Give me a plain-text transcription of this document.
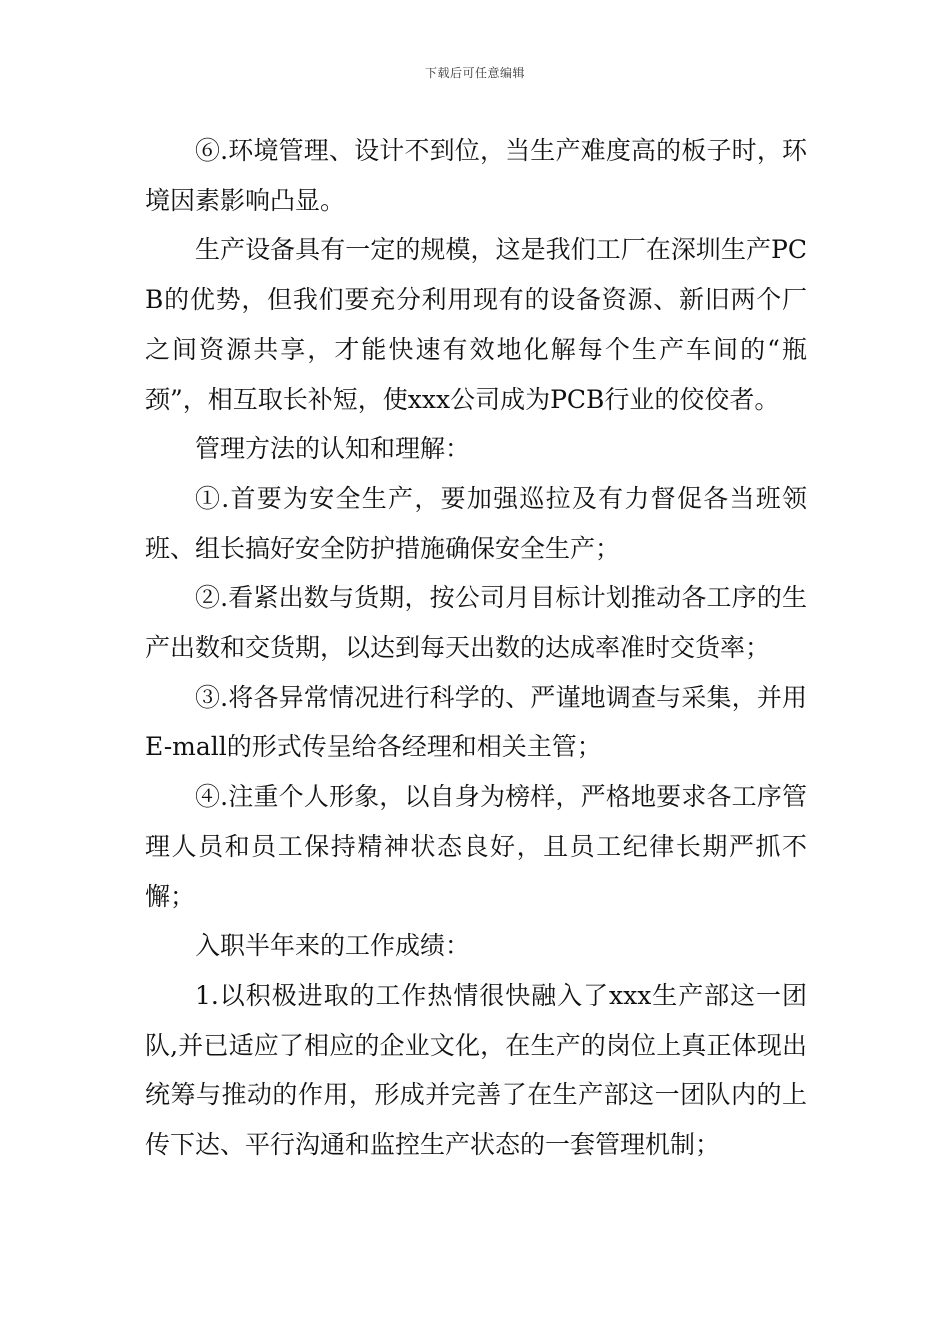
下载后可任意编辑

⑥.环境管理、设计不到位，当生产难度高的板子时，环境因素影响凸显。

生产设备具有一定的规模，这是我们工厂在深圳生产PCB的优势，但我们要充分利用现有的设备资源、新旧两个厂之间资源共享，才能快速有效地化解每个生产车间的“瓶颈”，相互取长补短，使xxx公司成为PCB行业的佼佼者。

管理方法的认知和理解：

①.首要为安全生产，要加强巡拉及有力督促各当班领班、组长搞好安全防护措施确保安全生产；

②.看紧出数与货期，按公司月目标计划推动各工序的生产出数和交货期，以达到每天出数的达成率准时交货率；

③.将各异常情况进行科学的、严谨地调查与采集，并用E-mall的形式传呈给各经理和相关主管；

④.注重个人形象，以自身为榜样，严格地要求各工序管理人员和员工保持精神状态良好，且员工纪律长期严抓不懈；

入职半年来的工作成绩：

1.以积极进取的工作热情很快融入了xxx生产部这一团队,并已适应了相应的企业文化，在生产的岗位上真正体现出统筹与推动的作用，形成并完善了在生产部这一团队内的上传下达、平行沟通和监控生产状态的一套管理机制；
